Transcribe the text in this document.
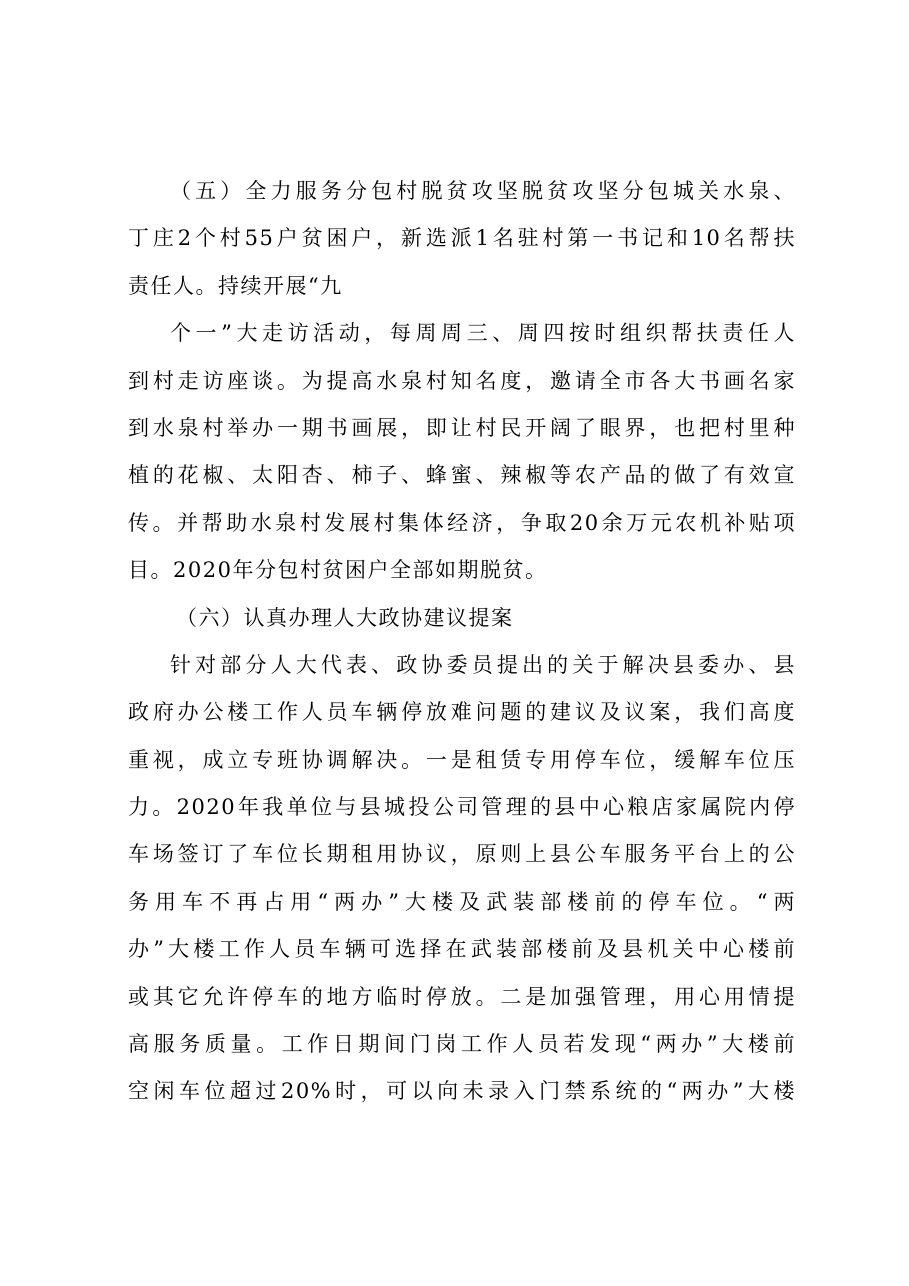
（五）全力服务分包村脱贫攻坚脱贫攻坚分包城关水泉、
丁庄2个村55户贫困户，新选派1名驻村第一书记和10名帮扶
责任人。持续开展“九
个一”大走访活动，每周周三、周四按时组织帮扶责任人
到村走访座谈。为提高水泉村知名度，邀请全市各大书画名家
到水泉村举办一期书画展，即让村民开阔了眼界，也把村里种
植的花椒、太阳杏、柿子、蜂蜜、辣椒等农产品的做了有效宣
传。并帮助水泉村发展村集体经济，争取20余万元农机补贴项
目。2020年分包村贫困户全部如期脱贫。
（六）认真办理人大政协建议提案
针对部分人大代表、政协委员提出的关于解决县委办、县
政府办公楼工作人员车辆停放难问题的建议及议案，我们高度
重视，成立专班协调解决。一是租赁专用停车位，缓解车位压
力。2020年我单位与县城投公司管理的县中心粮店家属院内停
车场签订了车位长期租用协议，原则上县公车服务平台上的公
务用车不再占用“两办”大楼及武装部楼前的停车位。“两
办”大楼工作人员车辆可选择在武装部楼前及县机关中心楼前
或其它允许停车的地方临时停放。二是加强管理，用心用情提
高服务质量。工作日期间门岗工作人员若发现“两办”大楼前
空闲车位超过20%时，可以向未录入门禁系统的“两办”大楼
